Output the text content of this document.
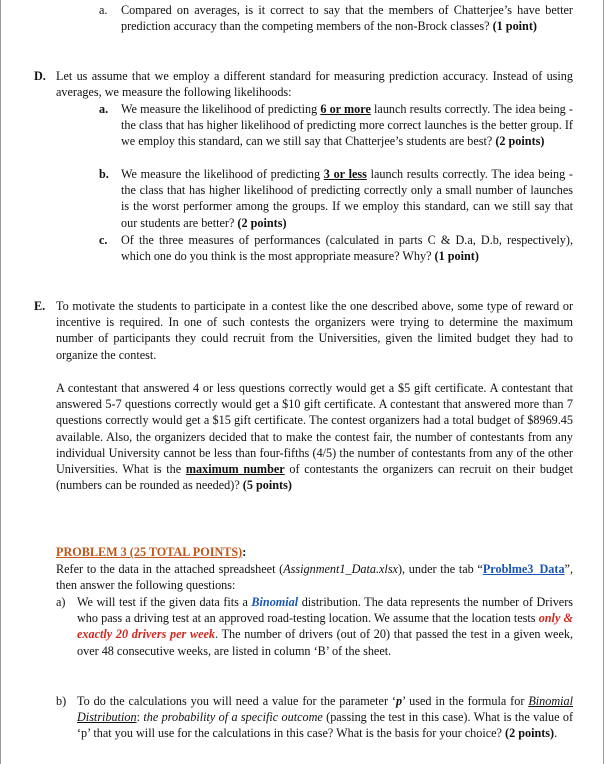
a. Compared on averages, is it correct to say that the members of Chatterjee’s have better prediction accuracy than the competing members of the non-Brock classes? (1 point)
D. Let us assume that we employ a different standard for measuring prediction accuracy. Instead of using averages, we measure the following likelihoods:
a. We measure the likelihood of predicting 6 or more launch results correctly. The idea being - the class that has higher likelihood of predicting more correct launches is the better group. If we employ this standard, can we still say that Chatterjee’s students are best? (2 points)
b. We measure the likelihood of predicting 3 or less launch results correctly. The idea being - the class that has higher likelihood of predicting correctly only a small number of launches is the worst performer among the groups. If we employ this standard, can we still say that our students are better? (2 points)
c. Of the three measures of performances (calculated in parts C & D.a, D.b, respectively), which one do you think is the most appropriate measure? Why? (1 point)
E. To motivate the students to participate in a contest like the one described above, some type of reward or incentive is required. In one of such contests the organizers were trying to determine the maximum number of participants they could recruit from the Universities, given the limited budget they had to organize the contest.
A contestant that answered 4 or less questions correctly would get a $5 gift certificate. A contestant that answered 5-7 questions correctly would get a $10 gift certificate. A contestant that answered more than 7 questions correctly would get a $15 gift certificate. The contest organizers had a total budget of $8969.45 available. Also, the organizers decided that to make the contest fair, the number of contestants from any individual University cannot be less than four-fifths (4/5) the number of contestants from any of the other Universities. What is the maximum number of contestants the organizers can recruit on their budget (numbers can be rounded as needed)? (5 points)
PROBLEM 3 (25 TOTAL POINTS):
Refer to the data in the attached spreadsheet (Assignment1_Data.xlsx), under the tab “Problme3_Data”, then answer the following questions:
a) We will test if the given data fits a Binomial distribution. The data represents the number of Drivers who pass a driving test at an approved road-testing location. We assume that the location tests only & exactly 20 drivers per week. The number of drivers (out of 20) that passed the test in a given week, over 48 consecutive weeks, are listed in column ‘B’ of the sheet.
b) To do the calculations you will need a value for the parameter ‘p’ used in the formula for Binomial Distribution: the probability of a specific outcome (passing the test in this case). What is the value of ‘p’ that you will use for the calculations in this case? What is the basis for your choice? (2 points).
